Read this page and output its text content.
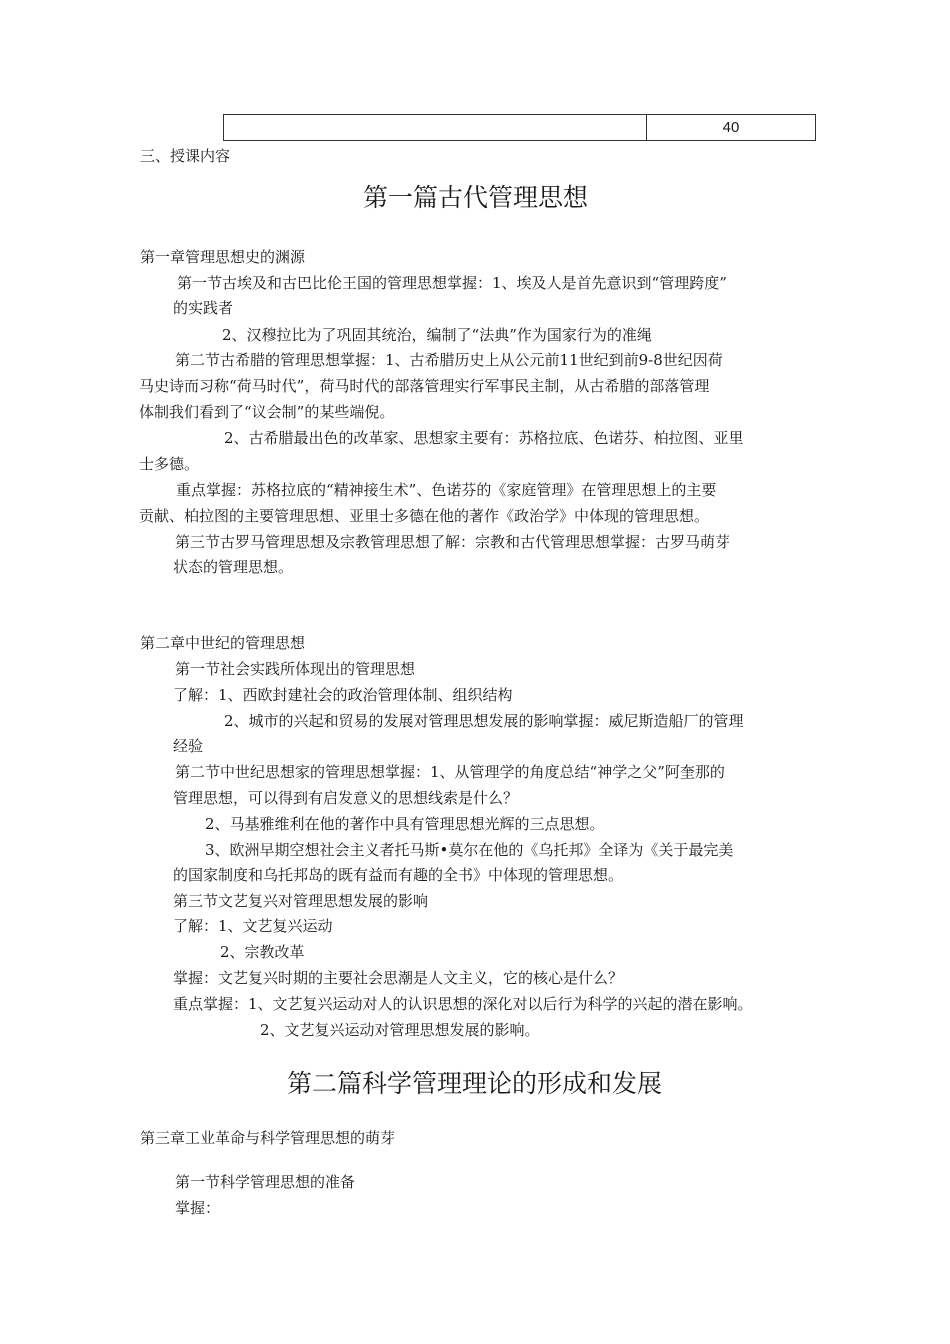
	40
三、授课内容
第一篇古代管理思想
第一章管理思想史的渊源
第一节古埃及和古巴比伦王国的管理思想掌握：1、埃及人是首先意识到“管理跨度”
的实践者
2、汉穆拉比为了巩固其统治，编制了“法典”作为国家行为的准绳
第二节古希腊的管理思想掌握：1、古希腊历史上从公元前11世纪到前9-8世纪因荷
马史诗而习称“荷马时代”，荷马时代的部落管理实行军事民主制，从古希腊的部落管理
体制我们看到了“议会制”的某些端倪。
2、古希腊最出色的改革家、思想家主要有：苏格拉底、色诺芬、柏拉图、亚里
士多德。
重点掌握：苏格拉底的“精神接生术”、色诺芬的《家庭管理》在管理思想上的主要
贡献、柏拉图的主要管理思想、亚里士多德在他的著作《政治学》中体现的管理思想。
第三节古罗马管理思想及宗教管理思想了解：宗教和古代管理思想掌握：古罗马萌芽
状态的管理思想。
第二章中世纪的管理思想
第一节社会实践所体现出的管理思想
了解：1、西欧封建社会的政治管理体制、组织结构
2、城市的兴起和贸易的发展对管理思想发展的影响掌握：威尼斯造船厂的管理
经验
第二节中世纪思想家的管理思想掌握：1、从管理学的角度总结“神学之父”阿奎那的
管理思想，可以得到有启发意义的思想线索是什么？
2、马基雅维利在他的著作中具有管理思想光辉的三点思想。
3、欧洲早期空想社会主义者托马斯•莫尔在他的《乌托邦》全译为《关于最完美
的国家制度和乌托邦岛的既有益而有趣的全书》中体现的管理思想。
第三节文艺复兴对管理思想发展的影响
了解：1、文艺复兴运动
2、宗教改革
掌握：文艺复兴时期的主要社会思潮是人文主义，它的核心是什么？
重点掌握：1、文艺复兴运动对人的认识思想的深化对以后行为科学的兴起的潜在影响。
2、文艺复兴运动对管理思想发展的影响。
第二篇科学管理理论的形成和发展
第三章工业革命与科学管理思想的萌芽
第一节科学管理思想的准备
掌握：
